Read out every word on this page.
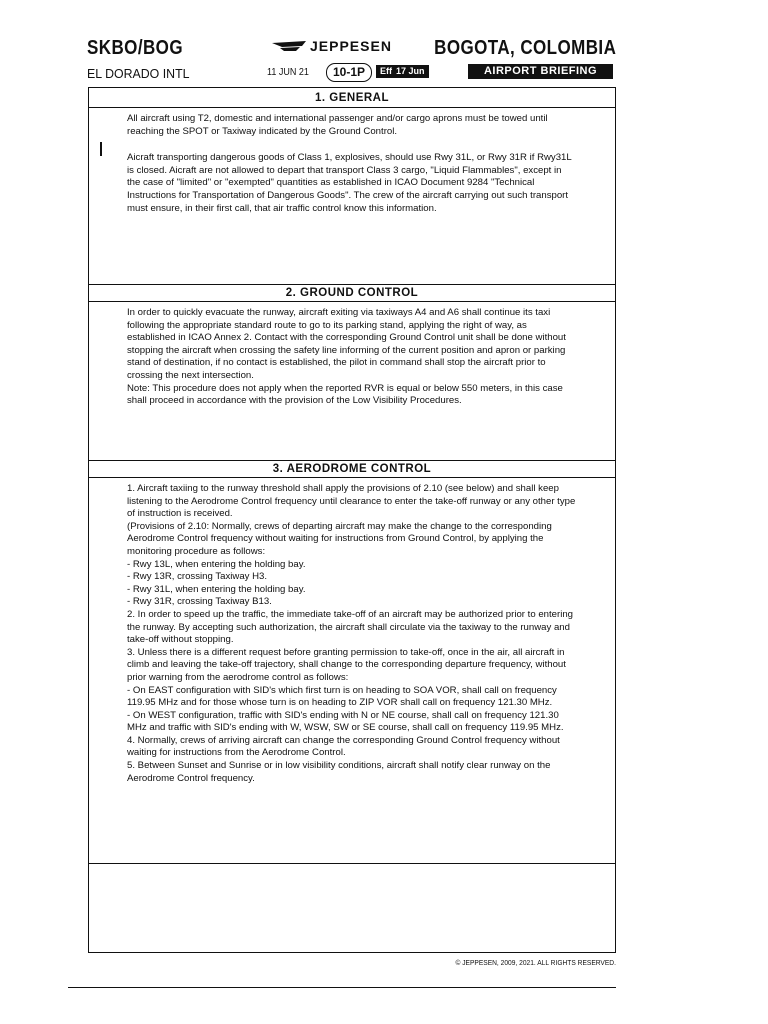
SKBO/BOG
EL DORADO INTL
JEPPESEN BOGOTA, COLOMBIA
11 JUN 21	10-1P	Eff 17 Jun	AIRPORT BRIEFING
1. GENERAL

All aircraft using T2, domestic and international passenger and/or cargo aprons must be towed until reaching the SPOT or Taxiway indicated by the Ground Control.

Aicraft transporting dangerous goods of Class 1, explosives, should use Rwy 31L, or Rwy 31R if Rwy31L is closed. Aicraft are not allowed to depart that transport Class 3 cargo, "Liquid Flammables", except in the case of "limited" or "exempted" quantities as established in ICAO Document 9284 "Technical Instructions for Transportation of Dangerous Goods". The crew of the aircraft carrying out such transport must ensure, in their first call, that air traffic control know this information.

2. GROUND CONTROL

In order to quickly evacuate the runway, aircraft exiting via taxiways A4 and A6 shall continue its taxi following the appropriate standard route to go to its parking stand, applying the right of way, as established in ICAO Annex 2. Contact with the corresponding Ground Control unit shall be done without stopping the aircraft when crossing the safety line informing of the current position and apron or parking stand of destination, if no contact is established, the pilot in command shall stop the aircraft prior to crossing the next intersection.

Note: This procedure does not apply when the reported RVR is equal or below 550 meters, in this case shall proceed in accordance with the provision of the Low Visibility Procedures.

3. AERODROME CONTROL

1. Aircraft taxiing to the runway threshold shall apply the provisions of 2.10 (see below) and shall keep listening to the Aerodrome Control frequency until clearance to enter the take-off runway or any other type of instruction is received.

(Provisions of 2.10: Normally, crews of departing aircraft may make the change to the corresponding Aerodrome Control frequency without waiting for instructions from Ground Control, by applying the monitoring procedure as follows:

- Rwy 13L, when entering the holding bay.

- Rwy 13R, crossing Taxiway H3.

- Rwy 31L, when entering the holding bay.

- Rwy 31R, crossing Taxiway B13.

2. In order to speed up the traffic, the immediate take-off of an aircraft may be authorized prior to entering the runway. By accepting such authorization, the aircraft shall circulate via the taxiway to the runway and take-off without stopping.

3. Unless there is a different request before granting permission to take-off, once in the air, all aircraft in climb and leaving the take-off trajectory, shall change to the corresponding departure frequency, without prior warning from the aerodrome control as follows:

- On EAST configuration with SID's which first turn is on heading to SOA VOR, shall call on frequency 119.95 MHz and for those whose turn is on heading to ZIP VOR shall call on frequency 121.30 MHz.

- On WEST configuration, traffic with SID's ending with N or NE course, shall call on frequency 121.30 MHz and traffic with SID's ending with W, WSW, SW or SE course, shall call on frequency 119.95 MHz.

4. Normally, crews of arriving aircraft can change the corresponding Ground Control frequency without waiting for instructions from the Aerodrome Control.

5. Between Sunset and Sunrise or in low visibility conditions, aircraft shall notify clear runway on the Aerodrome Control frequency.

© JEPPESEN, 2009, 2021. ALL RIGHTS RESERVED.
